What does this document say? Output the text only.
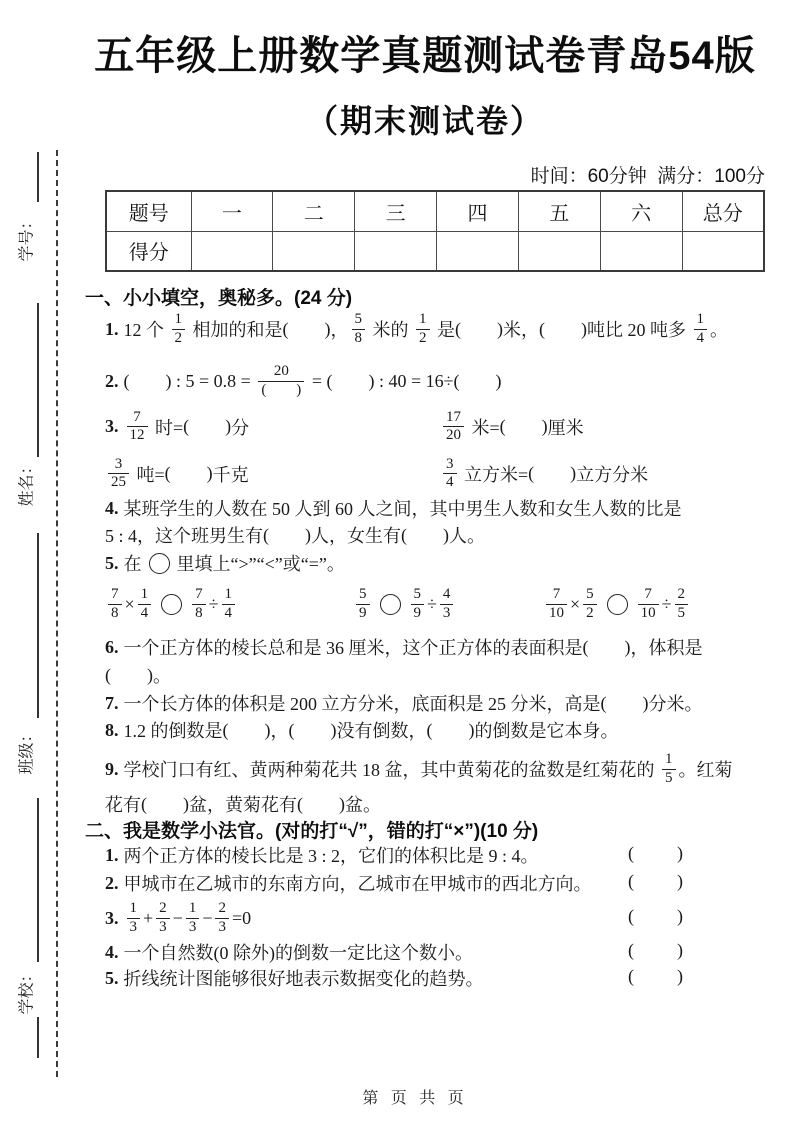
学号：
姓名：
班级：
学校：
五年级上册数学真题测试卷青岛54版
（期末测试卷）
时间：60分钟  满分：100分
题号	一	二	三	四	五	六	总分
得分							
一、小小填空，奥秘多。(24 分)
1. 12 个 $\frac{1}{2}$ 相加的和是 (        ) ， $\frac{5}{8}$ 米的 $\frac{1}{2}$ 是 (        ) 米， (        ) 吨比 20 吨多 $\frac{1}{4}$ 。
2. (        ) : $5 = 0.8 = \frac{20}{( )}$ = (        ) : 40 = 16÷ (        )
3. $\frac{7}{12}$ 时= (        ) 分	$\frac{17}{20}$ 米= (        ) 厘米
$\frac{3}{25}$ 吨= (        ) 千克	$\frac{3}{4}$ 立方米= (        ) 立方分米
4. 某班学生的人数在 50 人到 60 人之间，其中男生人数和女生人数的比是
5 : 4，这个班男生有 (        ) 人，女生有 (        ) 人。
5. 在 里填上“>”“<”或“=”。
$\frac{7}{8} \times \frac{1}{4}$	$\frac{7}{8} \div \frac{1}{4}$	$\frac{5}{9}$	$\frac{5}{9} \div \frac{4}{3}$	$\frac{7}{10} \times \frac{5}{2}$	$\frac{7}{10} \div \frac{2}{5}$
6. 一个正方体的棱长总和是 36 厘米，这个正方体的表面积是 (        ) ，体积是
(        ) 。
7. 一个长方体的体积是 200 立方分米，底面积是 25 分米，高是 (        ) 分米。
8. 1.2 的倒数是 (        ) ， (        ) 没有倒数， (        ) 的倒数是它本身。
9. 学校门口有红、黄两种菊花共 18 盆，其中黄菊花的盆数是红菊花的 $\frac{1}{5}$ 。红菊
花有 (        ) 盆，黄菊花有 (        ) 盆。
二、我是数学小法官。(对的打“√”，错的打“×”)(10 分)
1. 两个正方体的棱长比是 3 : 2，它们的体积比是 9 : 4。	( )
2. 甲城市在乙城市的东南方向，乙城市在甲城市的西北方向。 ( )
3. $\frac{1}{3} + \frac{2}{3} - \frac{1}{3} - \frac{2}{3} =0$	( )
4. 一个自然数(0 除外)的倒数一定比这个数小。	( )
5. 折线统计图能够很好地表示数据变化的趋势。	( )
第 页 共 页
